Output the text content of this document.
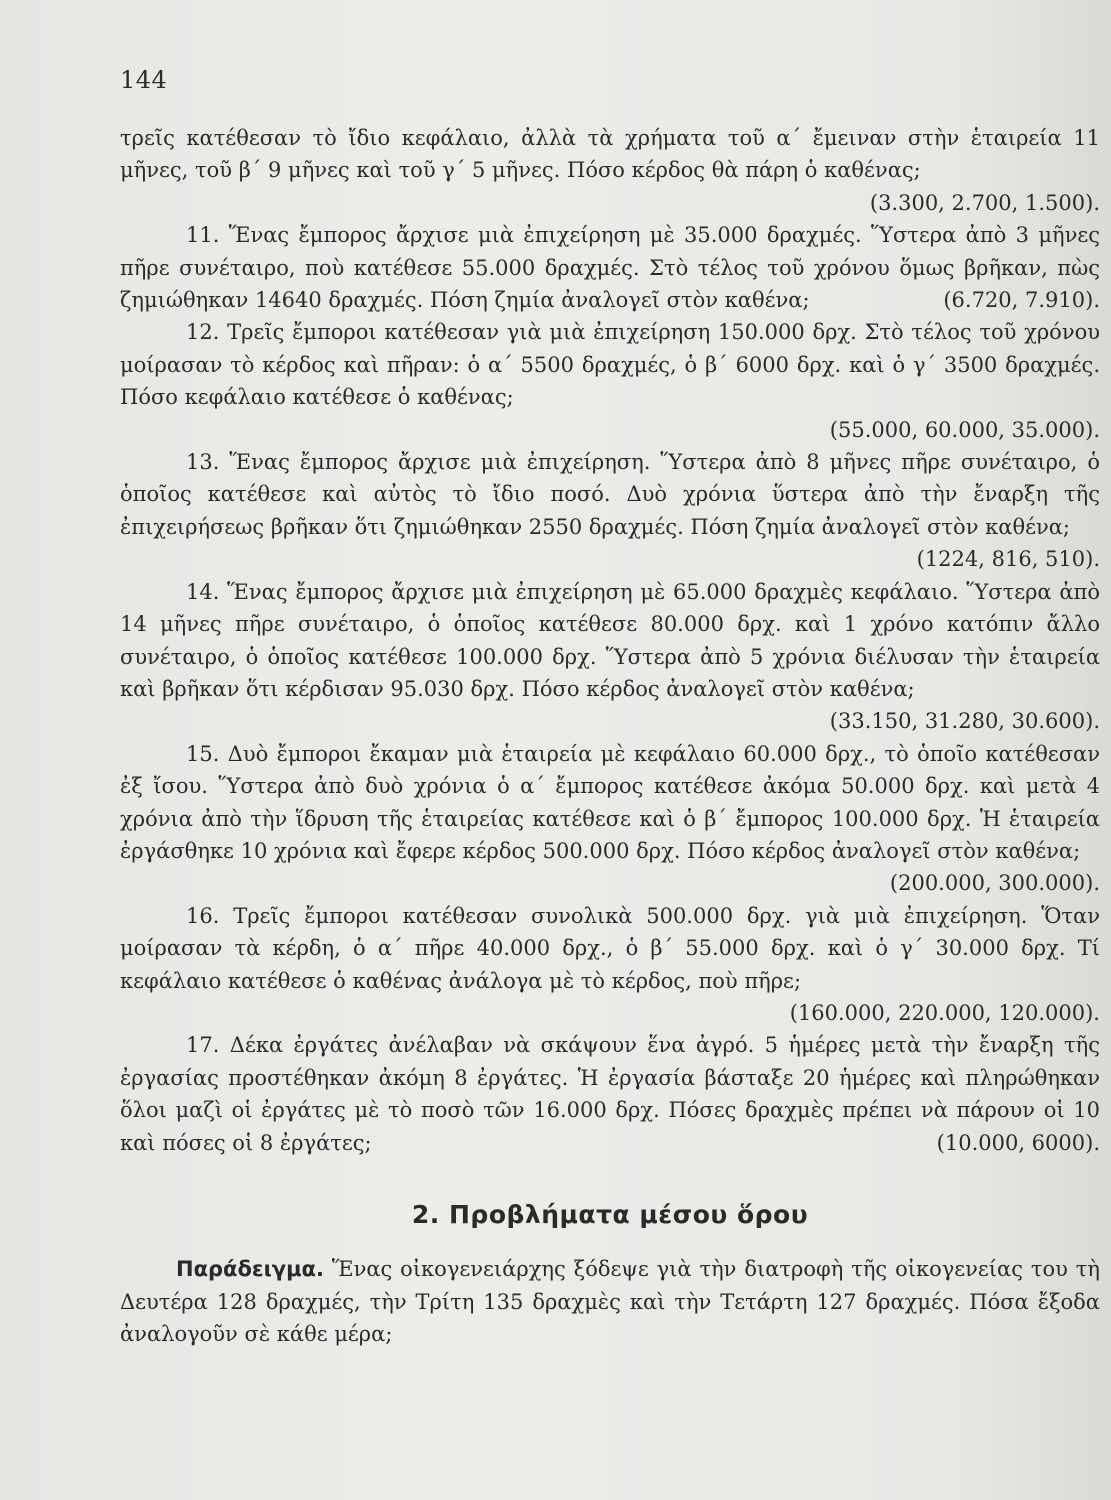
144

τρεῖς κατέθεσαν τὸ ἴδιο κεφάλαιο, ἀλλὰ τὰ χρήματα τοῦ α΄ ἔμειναν στὴν ἑταιρεία 11 μῆνες, τοῦ β΄ 9 μῆνες καὶ τοῦ γ΄ 5 μῆνες. Πόσο κέρδος θὰ πάρη ὁ καθένας;
(3.300, 2.700, 1.500).

11. Ἕνας ἔμπορος ἄρχισε μιὰ ἐπιχείρηση μὲ 35.000 δραχμές. Ὕστερα ἀπὸ 3 μῆνες πῆρε συνέταιρο, ποὺ κατέθεσε 55.000 δραχμές. Στὸ τέλος τοῦ χρόνου ὅμως βρῆκαν, πὼς ζημιώθηκαν 14640 δραχμές. Πόση ζημία ἀναλογεῖ στὸν καθένα;	(6.720, 7.910).

12. Τρεῖς ἔμποροι κατέθεσαν γιὰ μιὰ ἐπιχείρηση 150.000 δρχ. Στὸ τέλος τοῦ χρόνου μοίρασαν τὸ κέρδος καὶ πῆραν: ὁ α΄ 5500 δραχμές, ὁ β΄ 6000 δρχ. καὶ ὁ γ΄ 3500 δραχμές. Πόσο κεφάλαιο κατέθεσε ὁ καθένας;
(55.000, 60.000, 35.000).

13. Ἕνας ἔμπορος ἄρχισε μιὰ ἐπιχείρηση. Ὕστερα ἀπὸ 8 μῆνες πῆρε συνέταιρο, ὁ ὁποῖος κατέθεσε καὶ αὐτὸς τὸ ἴδιο ποσό. Δυὸ χρόνια ὕστερα ἀπὸ τὴν ἔναρξη τῆς ἐπιχειρήσεως βρῆκαν ὅτι ζημιώθηκαν 2550 δραχμές. Πόση ζημία ἀναλογεῖ στὸν καθένα;
(1224, 816, 510).

14. Ἕνας ἔμπορος ἄρχισε μιὰ ἐπιχείρηση μὲ 65.000 δραχμὲς κεφάλαιο. Ὕστερα ἀπὸ 14 μῆνες πῆρε συνέταιρο, ὁ ὁποῖος κατέθεσε 80.000 δρχ. καὶ 1 χρόνο κατόπιν ἄλλο συνέταιρο, ὁ ὁποῖος κατέθεσε 100.000 δρχ. Ὕστερα ἀπὸ 5 χρόνια διέλυσαν τὴν ἑταιρεία καὶ βρῆκαν ὅτι κέρδισαν 95.030 δρχ. Πόσο κέρδος ἀναλογεῖ στὸν καθένα;
(33.150, 31.280, 30.600).

15. Δυὸ ἔμποροι ἔκαμαν μιὰ ἑταιρεία μὲ κεφάλαιο 60.000 δρχ., τὸ ὁποῖο κατέθεσαν ἐξ ἴσου. Ὕστερα ἀπὸ δυὸ χρόνια ὁ α΄ ἔμπορος κατέθεσε ἀκόμα 50.000 δρχ. καὶ μετὰ 4 χρόνια ἀπὸ τὴν ἵδρυση τῆς ἑταιρείας κατέθεσε καὶ ὁ β΄ ἔμπορος 100.000 δρχ. Ἡ ἑταιρεία ἐργάσθηκε 10 χρόνια καὶ ἔφερε κέρδος 500.000 δρχ. Πόσο κέρδος ἀναλογεῖ στὸν καθένα;
(200.000, 300.000).

16. Τρεῖς ἔμποροι κατέθεσαν συνολικὰ 500.000 δρχ. γιὰ μιὰ ἐπιχείρηση. Ὅταν μοίρασαν τὰ κέρδη, ὁ α΄ πῆρε 40.000 δρχ., ὁ β΄ 55.000 δρχ. καὶ ὁ γ΄ 30.000 δρχ. Τί κεφάλαιο κατέθεσε ὁ καθένας ἀνάλογα μὲ τὸ κέρδος, ποὺ πῆρε;
(160.000, 220.000, 120.000).

17. Δέκα ἐργάτες ἀνέλαβαν νὰ σκάψουν ἕνα ἀγρό. 5 ἡμέρες μετὰ τὴν ἔναρξη τῆς ἐργασίας προστέθηκαν ἀκόμη 8 ἐργάτες. Ἡ ἐργασία βάσταξε 20 ἡμέρες καὶ πληρώθηκαν ὅλοι μαζὶ οἱ ἐργάτες μὲ τὸ ποσὸ τῶν 16.000 δρχ. Πόσες δραχμὲς πρέπει νὰ πάρουν οἱ 10 καὶ πόσες οἱ 8 ἐργάτες;	(10.000, 6000).

2. Προβλήματα μέσου ὅρου

Παράδειγμα. Ἕνας οἰκογενειάρχης ξόδεψε γιὰ τὴν διατροφὴ τῆς οἰκογενείας του τὴ Δευτέρα 128 δραχμές, τὴν Τρίτη 135 δραχμὲς καὶ τὴν Τετάρτη 127 δραχμές. Πόσα ἔξοδα ἀναλογοῦν σὲ κάθε μέρα;
